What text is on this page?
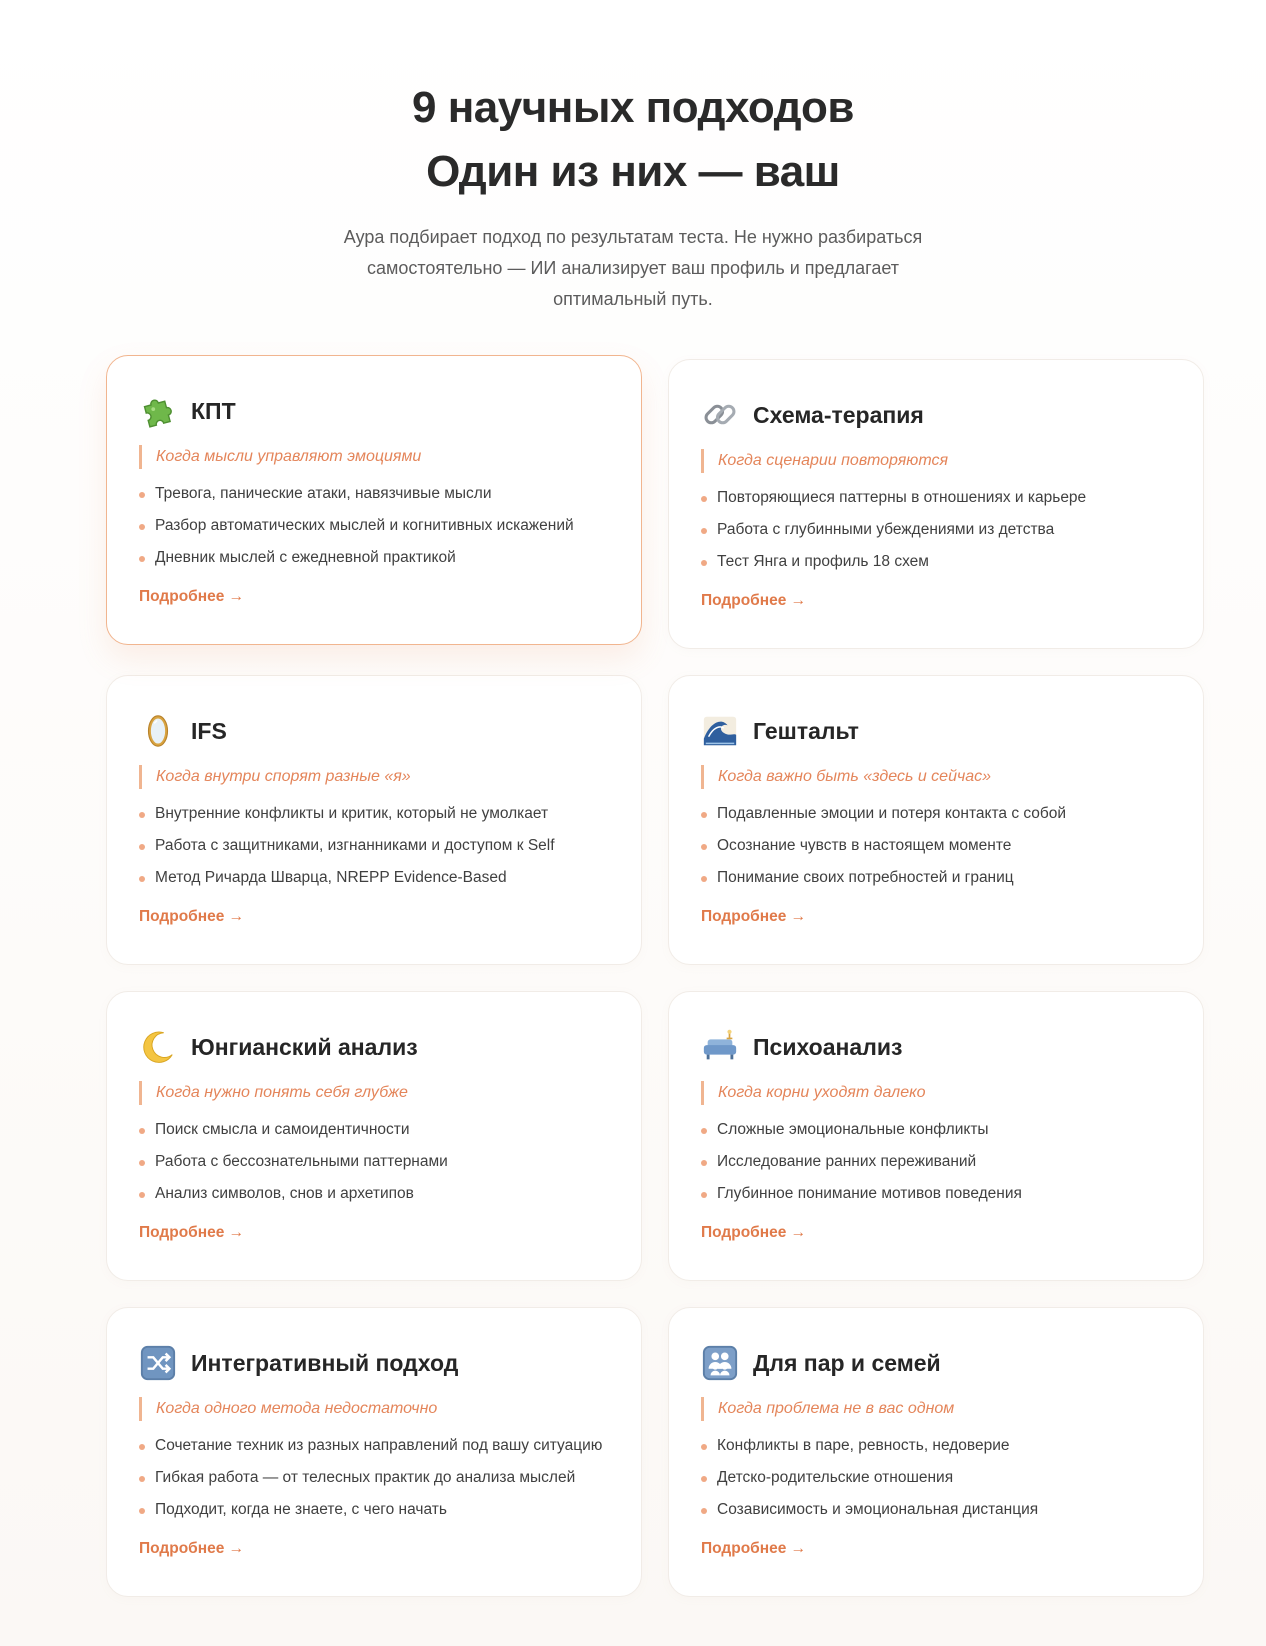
9 научных подходов
Один из них — ваш

Аура подбирает подход по результатам теста. Не нужно разбираться самостоятельно — ИИ анализирует ваш профиль и предлагает оптимальный путь.

КПТ
Когда мысли управляют эмоциями
Тревога, панические атаки, навязчивые мысли
Разбор автоматических мыслей и когнитивных искажений
Дневник мыслей с ежедневной практикой
Подробнее →
Схема-терапия
Когда сценарии повторяются
Повторяющиеся паттерны в отношениях и карьере
Работа с глубинными убеждениями из детства
Тест Янга и профиль 18 схем
Подробнее →
IFS
Когда внутри спорят разные «я»
Внутренние конфликты и критик, который не умолкает
Работа с защитниками, изгнанниками и доступом к Self
Метод Ричарда Шварца, NREPP Evidence-Based
Подробнее →
Гештальт
Когда важно быть «здесь и сейчас»
Подавленные эмоции и потеря контакта с собой
Осознание чувств в настоящем моменте
Понимание своих потребностей и границ
Подробнее →
Юнгианский анализ
Когда нужно понять себя глубже
Поиск смысла и самоидентичности
Работа с бессознательными паттернами
Анализ символов, снов и архетипов
Подробнее →
Психоанализ
Когда корни уходят далеко
Сложные эмоциональные конфликты
Исследование ранних переживаний
Глубинное понимание мотивов поведения
Подробнее →
Интегративный подход
Когда одного метода недостаточно
Сочетание техник из разных направлений под вашу ситуацию
Гибкая работа — от телесных практик до анализа мыслей
Подходит, когда не знаете, с чего начать
Подробнее →
Для пар и семей
Когда проблема не в вас одном
Конфликты в паре, ревность, недоверие
Детско-родительские отношения
Созависимость и эмоциональная дистанция
Подробнее →
